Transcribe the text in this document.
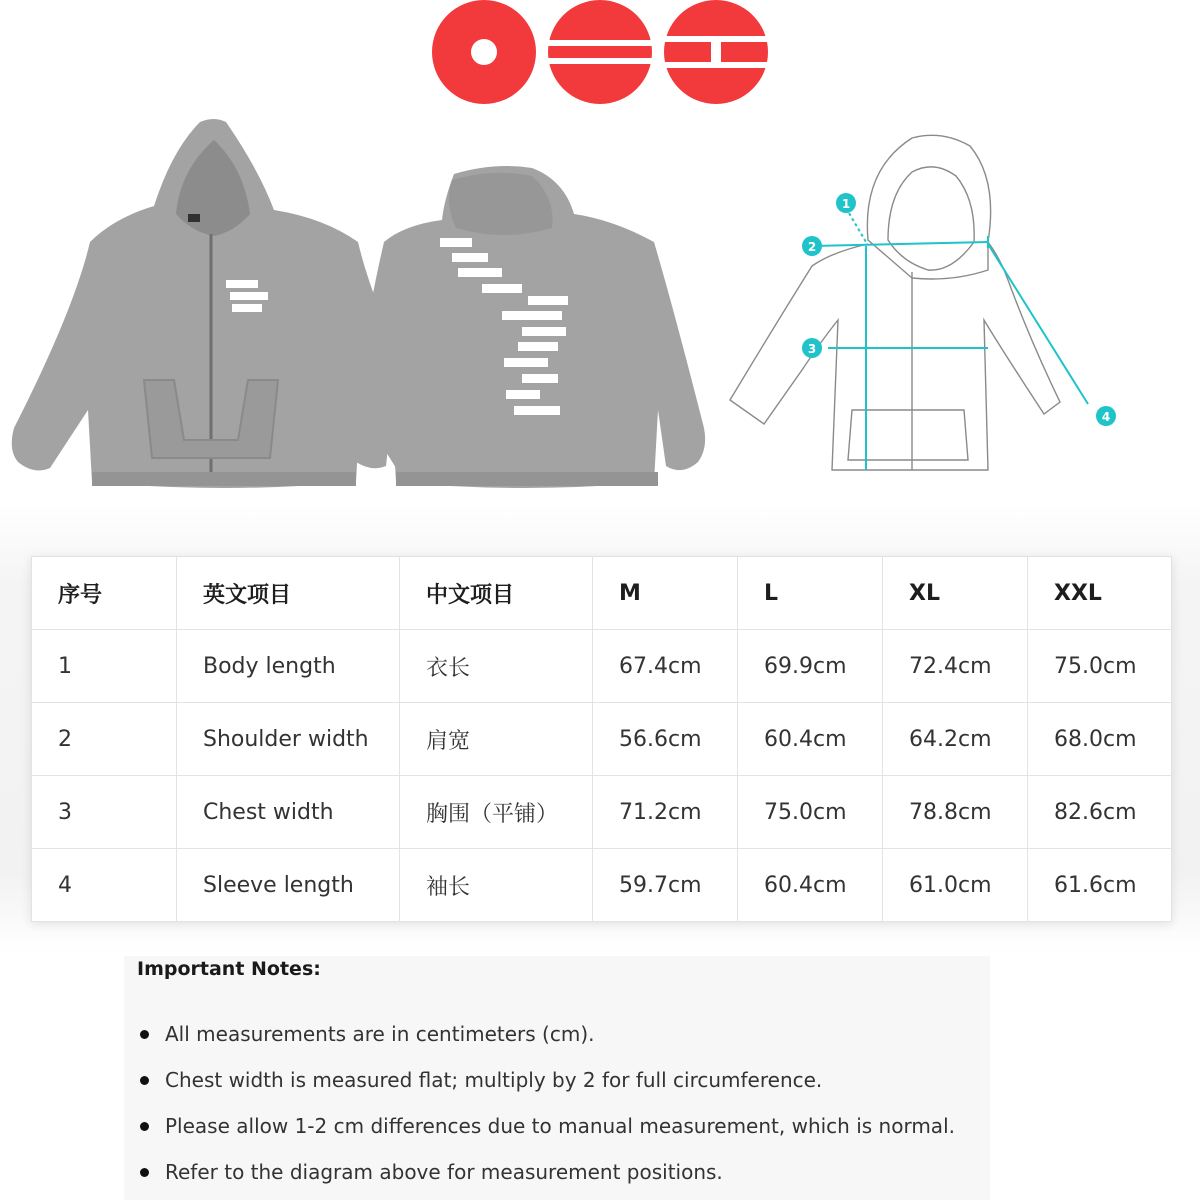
1
2
3
4
序号	英文项目	中文项目	M	L	XL	XXL
1	Body length	衣长	67.4cm	69.9cm	72.4cm	75.0cm
2	Shoulder width	肩宽	56.6cm	60.4cm	64.2cm	68.0cm
3	Chest width	胸围（平铺）	71.2cm	75.0cm	78.8cm	82.6cm
4	Sleeve length	袖长	59.7cm	60.4cm	61.0cm	61.6cm
Important Notes:
All measurements are in centimeters (cm).
Chest width is measured flat; multiply by 2 for full circumference.
Please allow 1-2 cm differences due to manual measurement, which is normal.
Refer to the diagram above for measurement positions.
